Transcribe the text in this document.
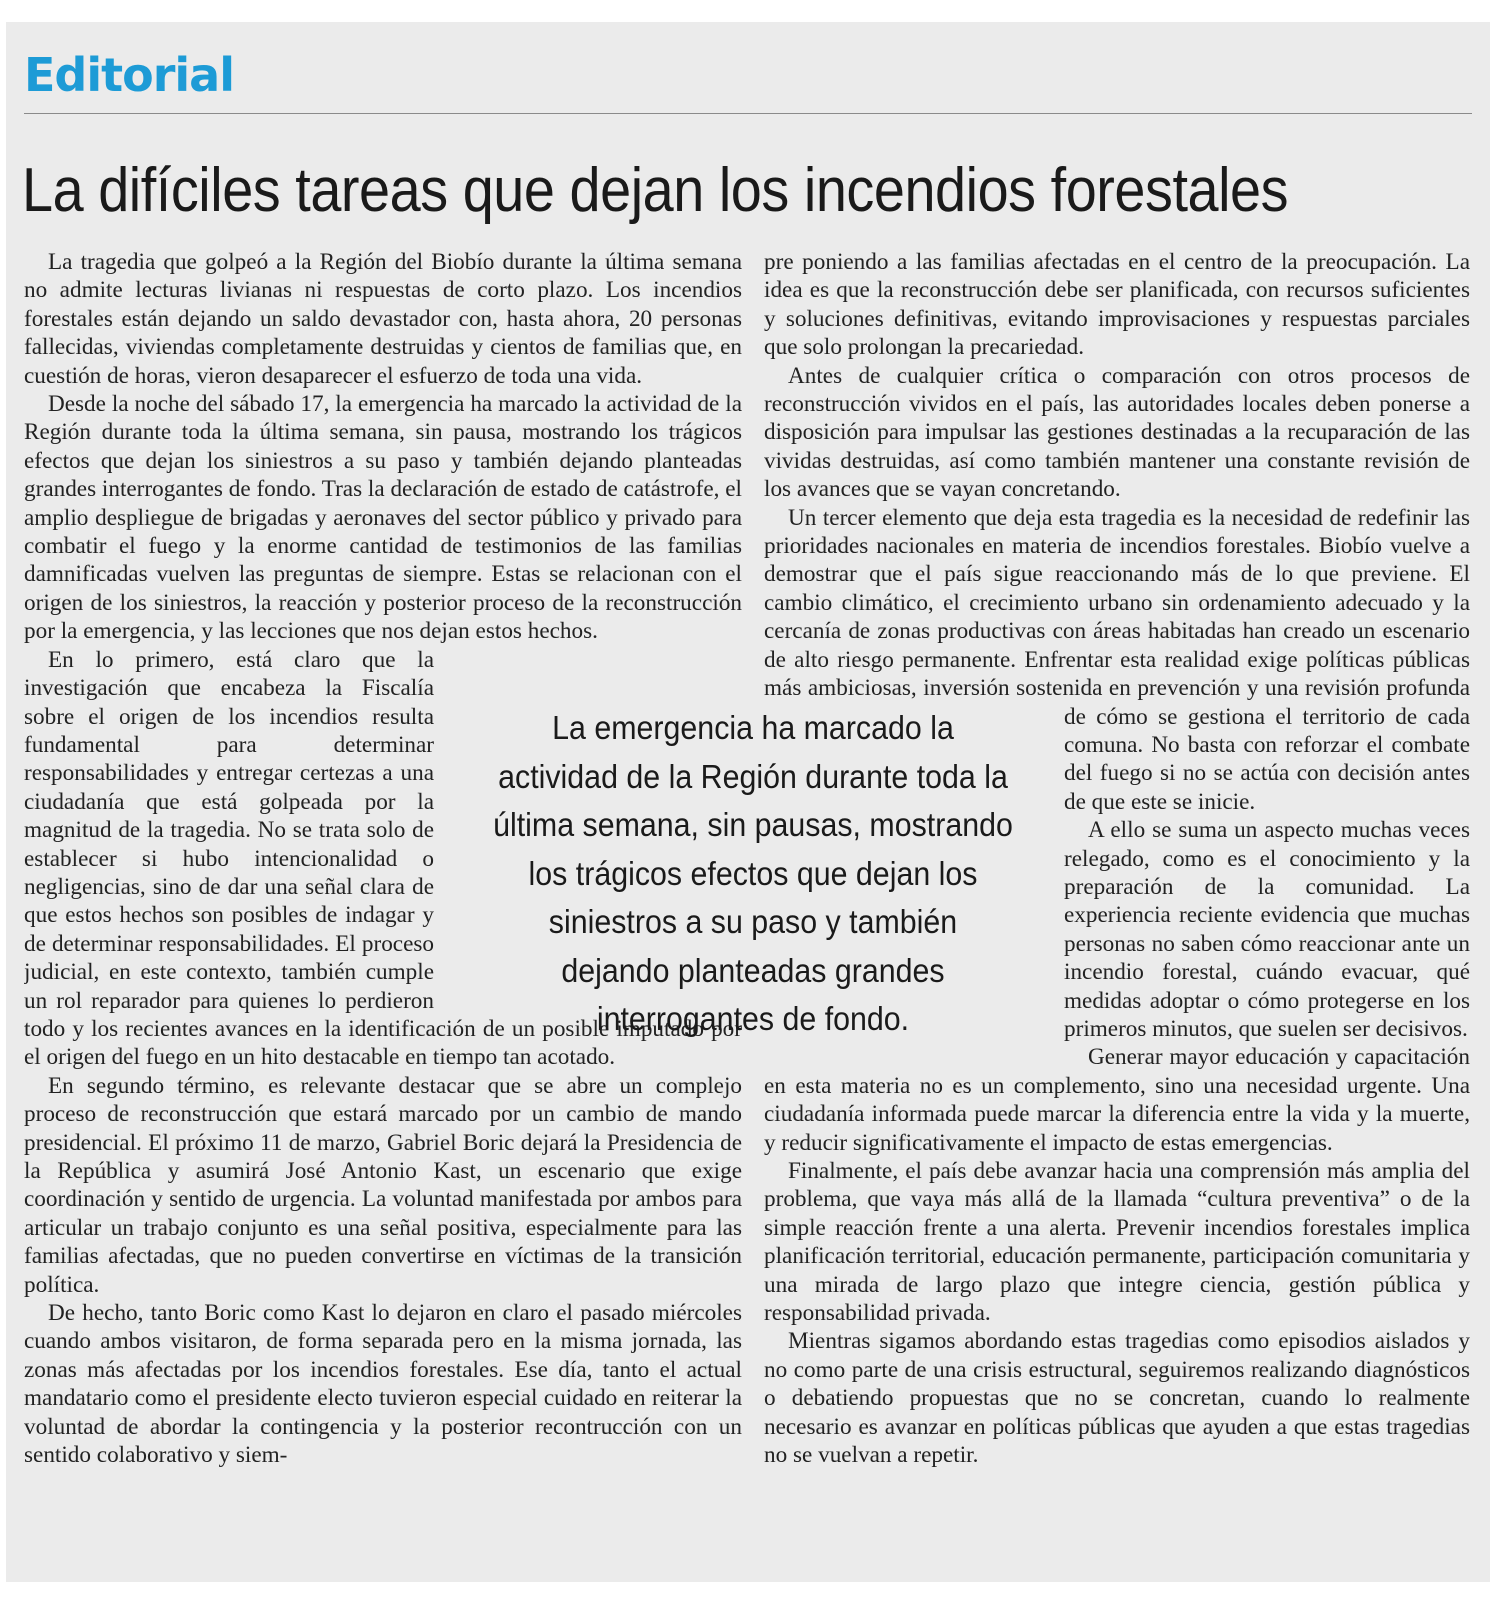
Editorial
La difíciles tareas que dejan los incendios forestales

La tragedia que golpeó a la Región del Biobío durante la última semana no admite lecturas livianas ni respuestas de corto plazo. Los incendios forestales están dejando un saldo devastador con, hasta ahora, 20 personas fallecidas, viviendas completamente destruidas y cientos de familias que, en cuestión de horas, vieron desaparecer el esfuerzo de toda una vida.

Desde la noche del sábado 17, la emergencia ha marcado la actividad de la Región durante toda la última semana, sin pausa, mostrando los trágicos efectos que dejan los siniestros a su paso y también dejando planteadas grandes interrogantes de fondo. Tras la declaración de estado de catástrofe, el amplio despliegue de brigadas y aeronaves del sector público y privado para combatir el fuego y la enorme cantidad de testimonios de las familias damnificadas vuelven las preguntas de siempre. Estas se relacionan con el origen de los siniestros, la reacción y posterior proceso de la reconstrucción por la emergencia, y las lecciones que nos dejan estos hechos.

En lo primero, está claro que la investigación que encabeza la Fiscalía sobre el origen de los incendios resulta fundamental para determinar responsabilidades y entregar certezas a una ciudadanía que está golpeada por la magnitud de la tragedia. No se trata solo de establecer si hubo intencionalidad o negligencias, sino de dar una señal clara de que estos hechos son posibles de indagar y de determinar responsabilidades. El proceso judicial, en este contexto, también cumple un rol reparador para quienes lo perdieron todo y los recientes avances en la identificación de un posible imputado por el origen del fuego en un hito destacable en tiempo tan acotado.

En segundo término, es relevante destacar que se abre un complejo proceso de reconstrucción que estará marcado por un cambio de mando presidencial. El próximo 11 de marzo, Gabriel Boric dejará la Presidencia de la República y asumirá José Antonio Kast, un escenario que exige coordinación y sentido de urgencia. La voluntad manifestada por ambos para articular un trabajo conjunto es una señal positiva, especialmente para las familias afectadas, que no pueden convertirse en víctimas de la transición política.

De hecho, tanto Boric como Kast lo dejaron en claro el pasado miércoles cuando ambos visitaron, de forma separada pero en la misma jornada, las zonas más afectadas por los incendios forestales. Ese día, tanto el actual mandatario como el presidente electo tuvieron especial cuidado en reiterar la voluntad de abordar la contingencia y la posterior recontrucción con un sentido colaborativo y siem-

pre poniendo a las familias afectadas en el centro de la preocupación. La idea es que la reconstrucción debe ser planificada, con recursos suficientes y soluciones definitivas, evitando improvisaciones y respuestas parciales que solo prolongan la precariedad.

Antes de cualquier crítica o comparación con otros procesos de reconstrucción vividos en el país, las autoridades locales deben ponerse a disposición para impulsar las gestiones destinadas a la recuparación de las vividas destruidas, así como también mantener una constante revisión de los avances que se vayan concretando.

Un tercer elemento que deja esta tragedia es la necesidad de redefinir las prioridades nacionales en materia de incendios forestales. Biobío vuelve a demostrar que el país sigue reaccionando más de lo que previene. El cambio climático, el crecimiento urbano sin ordenamiento adecuado y la cercanía de zonas productivas con áreas habitadas han creado un escenario de alto riesgo permanente. Enfrentar esta realidad exige políticas públicas más ambiciosas, inversión sostenida en prevención y una revisión
profunda de cómo se gestiona el territorio de cada comuna. No basta con reforzar el combate del fuego si no se actúa con decisión antes de que este se inicie.

A ello se suma un aspecto muchas veces relegado, como es el conocimiento y la preparación de la comunidad. La experiencia reciente evidencia que muchas personas no saben cómo reaccionar ante un incendio forestal, cuándo evacuar, qué medidas adoptar o cómo protegerse en los primeros minutos, que suelen ser decisivos.

Generar mayor educación y capacitación en esta materia no es un complemento, sino una necesidad urgente. Una ciudadanía informada puede marcar la diferencia entre la vida y la muerte, y reducir significativamente el impacto de estas emergencias.

Finalmente, el país debe avanzar hacia una comprensión más amplia del problema, que vaya más allá de la llamada “cultura preventiva” o de la simple reacción frente a una alerta. Prevenir incendios forestales implica planificación territorial, educación permanente, participación comunitaria y una mirada de largo plazo que integre ciencia, gestión pública y responsabilidad privada.

Mientras sigamos abordando estas tragedias como episodios aislados y no como parte de una crisis estructural, seguiremos realizando diagnósticos o debatiendo propuestas que no se concretan, cuando lo realmente necesario es avanzar en políticas públicas que ayuden a que estas tragedias no se vuelvan a repetir.

La emergencia ha marcado la actividad de la Región durante toda la última semana, sin pausas, mostrando los trágicos efectos que dejan los siniestros a su paso y también dejando planteadas grandes interrogantes de fondo.
